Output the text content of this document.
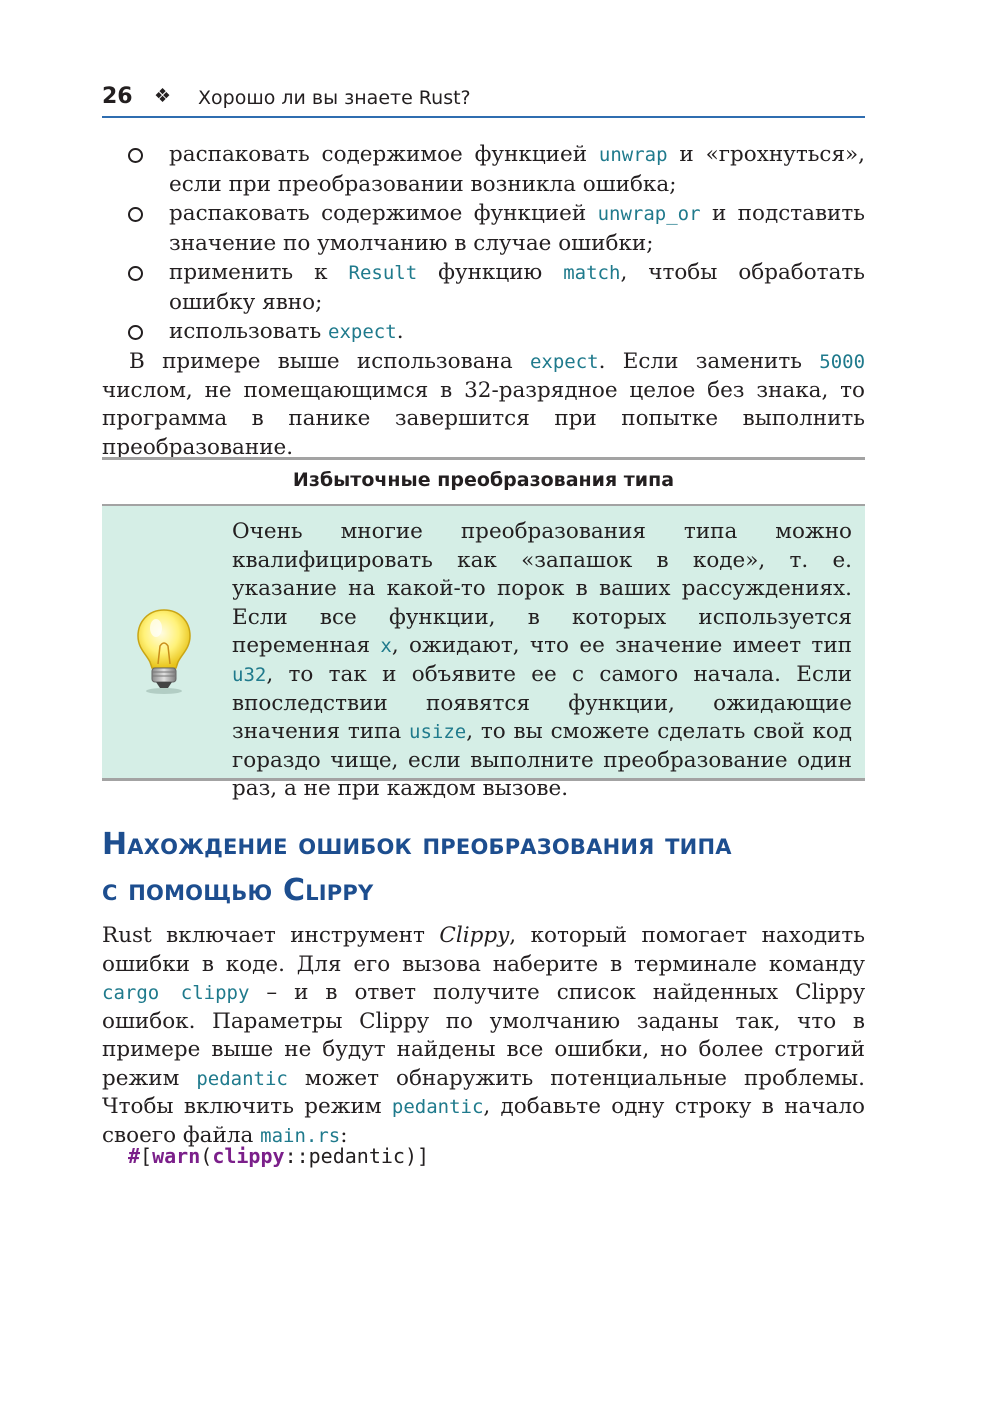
26 ❖ Хорошо ли вы знаете Rust?
распаковать содержимое функцией unwrap и «грохнуться», если при преобразовании возникла ошибка;
распаковать содержимое функцией unwrap_or и подставить значение по умолчанию в случае ошибки;
применить к Result функцию match, чтобы обработать ошибку явно;
использовать expect.

В примере выше использована expect. Если заменить 5000 числом, не помещающимся в 32-разрядное целое без знака, то программа в панике завершится при попытке выполнить преобразование.

Избыточные преобразования типа

Очень многие преобразования типа можно квалифицировать как «запашок в коде», т. е. указание на какой-то порок в ваших рассуждениях. Если все функции, в которых используется переменная x, ожидают, что ее значение имеет тип u32, то так и объявите ее с самого начала. Если впоследствии появятся функции, ожидающие значения типа usize, то вы сможете сделать свой код гораздо чище, если выполните преобразование один раз, а не при каждом вызове.

Нахождение ошибок преобразования типа
с помощью Clippy

Rust включает инструмент Clippy, который помогает находить ошибки в коде. Для его вызова наберите в терминале команду cargo clippy – и в ответ получите список найденных Clippy ошибок. Параметры Clippy по умолчанию заданы так, что в примере выше не будут найдены все ошибки, но более строгий режим pedantic может обнаружить потенциальные проблемы. Чтобы включить режим pedantic, добавьте одну строку в начало своего файла main.rs:

#[warn(clippy::pedantic)]
